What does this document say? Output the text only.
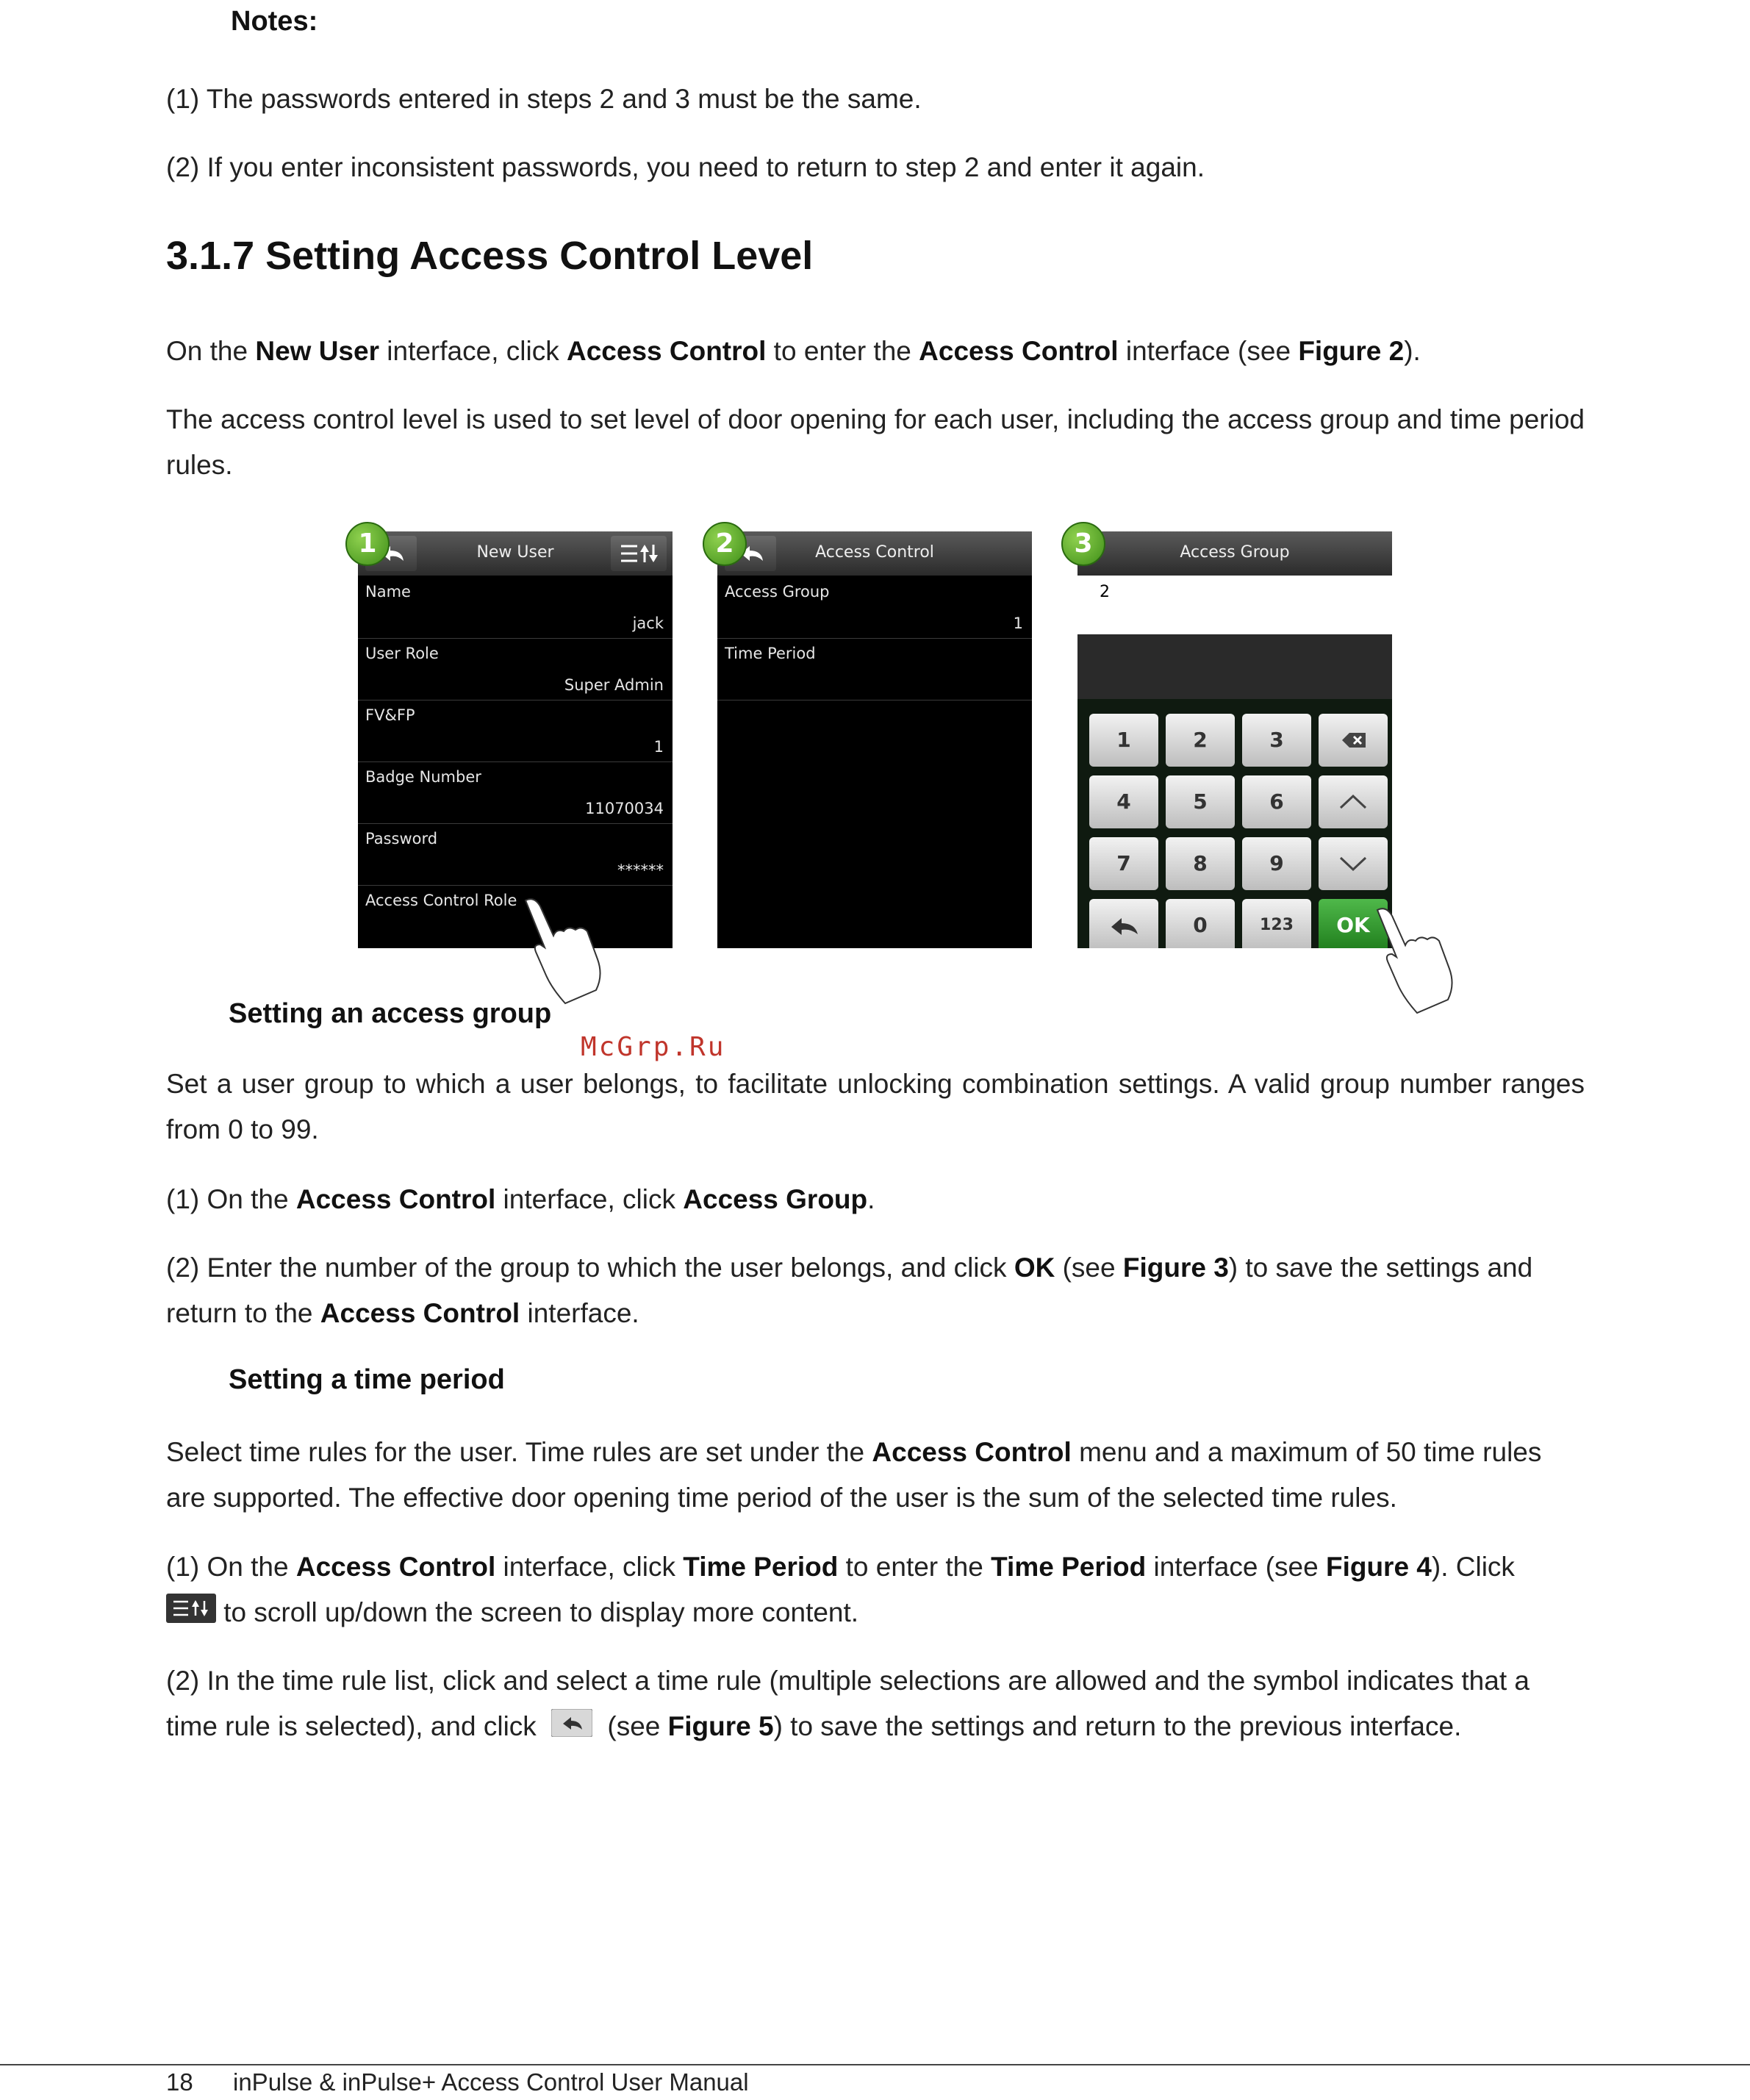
Notes:
(1) The passwords entered in steps 2 and 3 must be the same.
(2) If you enter inconsistent passwords, you need to return to step 2 and enter it again.
3.1.7 Setting Access Control Level
On the New User interface, click Access Control to enter the Access Control interface (see Figure 2).
The access control level is used to set level of door opening for each user, including the access group and time period rules.
New User
Name
jack
User Role
Super Admin
FV&FP
1
Badge Number
11070034
Password
******
Access Control Role
1	Access Control
Access Group
1
Time Period
2	Access Group
2
1	2	3
4	5	6
7	8	9
0	123	OK
3
Setting an access group
McGrp.Ru
Set a user group to which a user belongs, to facilitate unlocking combination settings. A valid group number ranges from 0 to 99.
(1) On the Access Control interface, click Access Group.
(2) Enter the number of the group to which the user belongs, and click OK (see Figure 3) to save the settings and return to the Access Control interface.
Setting a time period
Select time rules for the user. Time rules are set under the Access Control menu and a maximum of 50 time rules are supported. The effective door opening time period of the user is the sum of the selected time rules.
(1) On the Access Control interface, click Time Period to enter the Time Period interface (see Figure 4). Click
to scroll up/down the screen to display more content.
(2) In the time rule list, click and select a time rule (multiple selections are allowed and the symbol indicates that a time rule is selected), and click  (see Figure 5) to save the settings and return to the previous interface.
18 inPulse & inPulse+ Access Control User Manual
